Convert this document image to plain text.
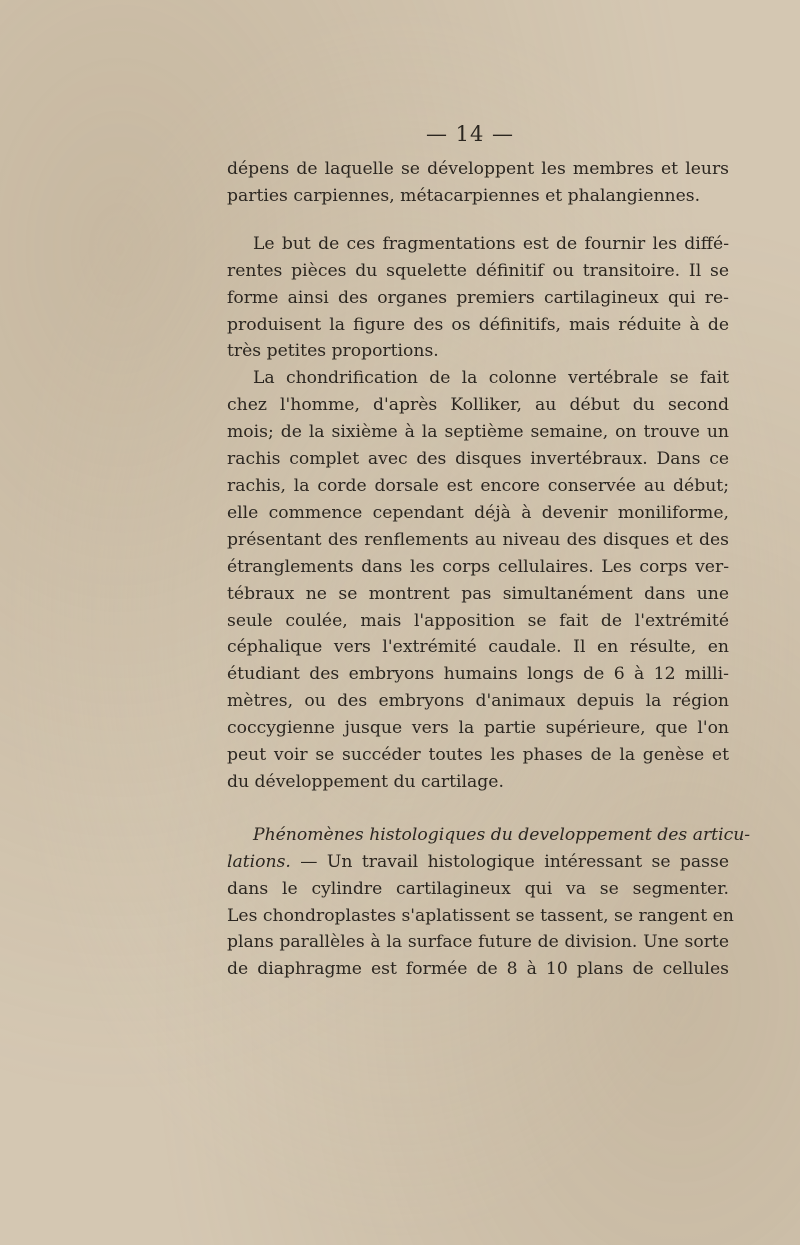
— 14 —
dépens de laquelle se développent les membres et leurs
parties carpiennes, métacarpiennes et phalangiennes.
Le but de ces fragmentations est de fournir les diffé-
rentes pièces du squelette définitif ou transitoire. Il se
forme ainsi des organes premiers cartilagineux qui re-
produisent la figure des os définitifs, mais réduite à de
très petites proportions.
La chondrification de la colonne vertébrale se fait
chez l'homme, d'après Kolliker, au début du second
mois; de la sixième à la septième semaine, on trouve un
rachis complet avec des disques invertébraux. Dans ce
rachis, la corde dorsale est encore conservée au début;
elle commence cependant déjà à devenir moniliforme,
présentant des renflements au niveau des disques et des
étranglements dans les corps cellulaires. Les corps ver-
tébraux ne se montrent pas simultanément dans une
seule coulée, mais l'apposition se fait de l'extrémité
céphalique vers l'extrémité caudale. Il en résulte, en
étudiant des embryons humains longs de 6 à 12 milli-
mètres, ou des embryons d'animaux depuis la région
coccygienne jusque vers la partie supérieure, que l'on
peut voir se succéder toutes les phases de la genèse et
du développement du cartilage.
Phénomènes histologiques du developpement des articu-
lations. — Un travail histologique intéressant se passe
dans le cylindre cartilagineux qui va se segmenter.
Les chondroplastes s'aplatissent se tassent, se rangent en
plans parallèles à la surface future de division. Une sorte
de diaphragme est formée de 8 à 10 plans de cellules
